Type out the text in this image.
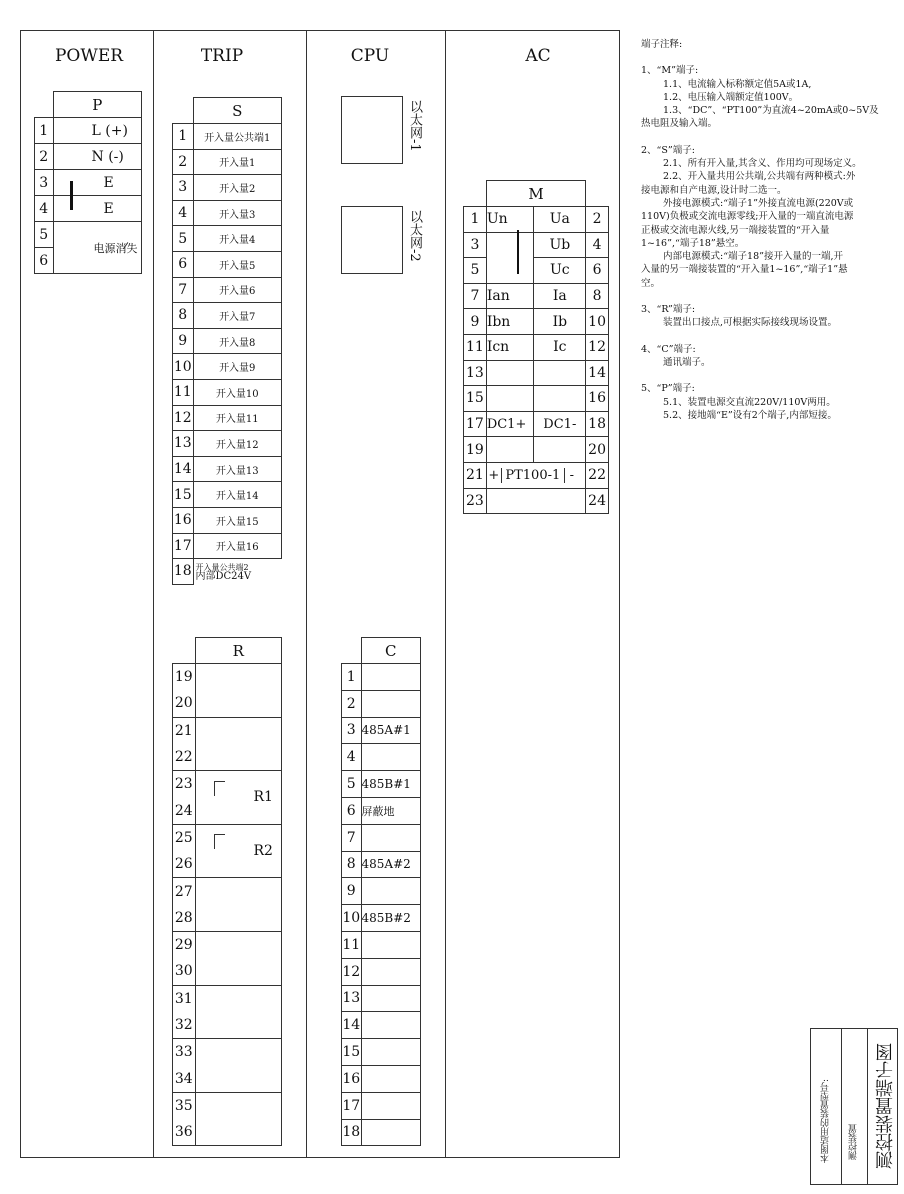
POWER	TRIP	CPU	AC
	P
1	L (+)
2	N (-)
3	E
4	E
5	电源消失
6	
	S
1	开入量公共端1
2	开入量1
3	开入量2
4	开入量3
5	开入量4
6	开入量5
7	开入量6
8	开入量7
9	开入量8
10	开入量9
11	开入量10
12	开入量11
13	开入量12
14	开入量13
15	开入量14
16	开入量15
17	开入量16
18	开入量公共端2
内部DC24V
以太网-1
以太网-2
	M		
1	Un	Ua	2
3		Ub	4
5		Uc	6
7	Ian	Ia	8
9	Ibn	Ib	10
11	Icn	Ic	12
13			14
15			16
17	DC1+	DC1-	18
19			20
21	+ PT100-1 -		22
23			24
	R
19	
20	
21	
22	
23	R1
24	
25	R2
26	
27	
28	
29	
30	
31	
32	
33	
34	
35	
36	
	C
1	
2	
3	485A#1
4	
5	485B#1
6	屏蔽地
7	
8	485A#2
9	
10	485B#2
11	
12	
13	
14	
15	
16	
17	
18	
端子注释:
1、“M”端子:
1.1、电流输入标称额定值5A或1A,
1.2、电压输入端额定值100V。
1.3、“DC”、“PT100”为直流4~20mA或0~5V及
热电阻及输入端。
2、“S”端子:
2.1、所有开入量,其含义、作用均可现场定义。
2.2、开入量共用公共端,公共端有两种模式:外
接电源和自产电源,设计时二选一。
外接电源模式:“端子1”外接直流电源(220V或
110V)负极或交流电源零线;开入量的一端直流电源
正极或交流电源火线,另一端接装置的“开入量
1~16”,“端子18”悬空。
内部电源模式:“端子18”接开入量的一端,开
入量的另一端接装置的“开入量1~16”,“端子1”悬
空。
3、“R”端子:
装置出口接点,可根据实际接线现场设置。
4、“C”端子:
通讯端子。
5、“P”端子:
5.1、装置电源交直流220V/110V两用。
5.2、接地端“E”设有2个端子,内部短接。
本图适用的装置型号: 测控装置 测控装置端子图
